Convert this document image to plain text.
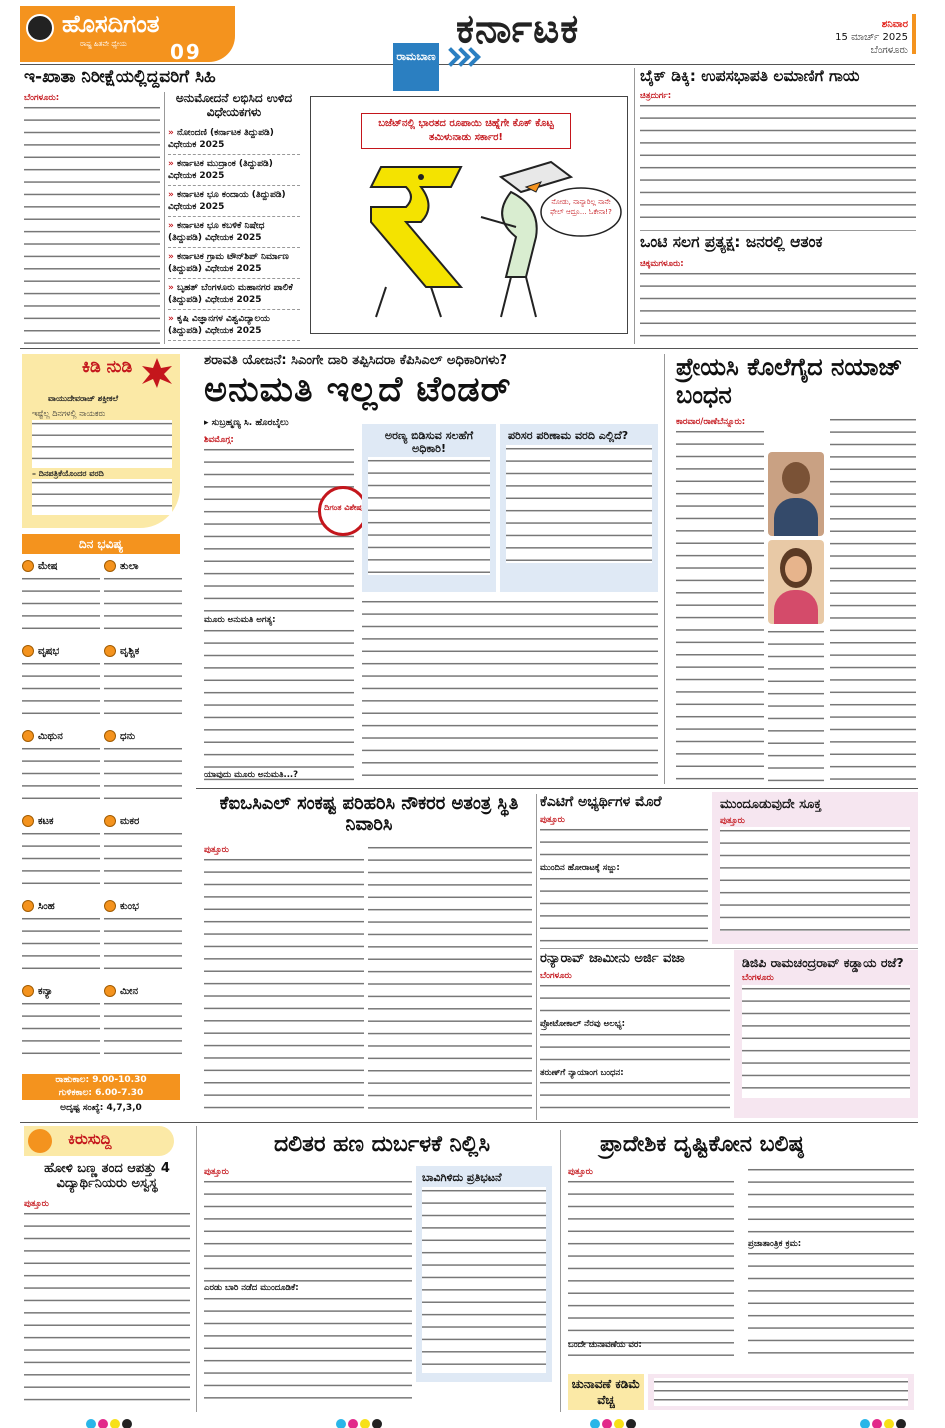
ಹೊಸದಿಗಂತ
ರಾಷ್ಟ್ರ ಹಿತವೇ ಧ್ಯೇಯ 09	ಕರ್ನಾಟಕ	ಶನಿವಾರ
15 ಮಾರ್ಚ್ 2025
ಬೆಂಗಳೂರು
ಇ-ಖಾತಾ ನಿರೀಕ್ಷೆಯಲ್ಲಿದ್ದವರಿಗೆ ಸಿಹಿ
ಬೆಂಗಳೂರು:	ಅನುಮೋದನೆ ಲಭಿಸಿದ ಉಳಿದ ವಿಧೇಯಕಗಳು
» ನೋಂದಣಿ (ಕರ್ನಾಟಕ ತಿದ್ದುಪಡಿ) ವಿಧೇಯಕ 2025
» ಕರ್ನಾಟಕ ಮುದ್ರಾಂಕ (ತಿದ್ದುಪಡಿ) ವಿಧೇಯಕ 2025
» ಕರ್ನಾಟಕ ಭೂ ಕಂದಾಯ (ತಿದ್ದುಪಡಿ) ವಿಧೇಯಕ 2025
» ಕರ್ನಾಟಕ ಭೂ ಕಬಳಿಕೆ ನಿಷೇಧ (ತಿದ್ದುಪಡಿ) ವಿಧೇಯಕ 2025
» ಕರ್ನಾಟಕ ಗ್ರಾಮ ಟೌನ್‌ಶಿಪ್ ನಿರ್ಮಾಣ (ತಿದ್ದುಪಡಿ) ವಿಧೇಯಕ 2025
» ಬೃಹತ್ ಬೆಂಗಳೂರು ಮಹಾನಗರ ಪಾಲಿಕೆ (ತಿದ್ದುಪಡಿ) ವಿಧೇಯಕ 2025
» ಕೃಷಿ ವಿಜ್ಞಾನಗಳ ವಿಶ್ವವಿದ್ಯಾಲಯ (ತಿದ್ದುಪಡಿ) ವಿಧೇಯಕ 2025
ರಾಮಬಾಣ
ಬಜೆಟ್‌ನಲ್ಲಿ ಭಾರತದ ರೂಪಾಯಿ ಚಿಹ್ನೆಗೇ ಕೊಕ್ ಕೊಟ್ಟ ತಮಿಳುನಾಡು ಸರ್ಕಾರ!
ನೋಡು, ನಾನ್ಯಾರಿಲ್ಲ ನಾನೇ ಫೇಲ್ ಆದ್ರೂ... ಓಕೇನಾ!?
ಬೈಕ್ ಡಿಕ್ಕಿ: ಉಪಸಭಾಪತಿ ಲಮಾಣಿಗೆ ಗಾಯ
ಚಿತ್ರದುರ್ಗ:
ಒಂಟಿ ಸಲಗ ಪ್ರತ್ಯಕ್ಷ: ಜನರಲ್ಲಿ ಆತಂಕ
ಚಿಕ್ಕಮಗಳೂರು:
ಕಿಡಿ ನುಡಿ
ವಾಯುದೇವರಾಜ್ ಶಕ್ತೀಕಲೆ
ಇಷ್ಟೆಲ್ಲ ದಿನಗಳಲ್ಲಿ ನಾಯಕರು
– ದಿನಪತ್ರಿಕೆಯೊಂದರ ವರದಿ
ದಿನ ಭವಿಷ್ಯ
ಮೇಷ	ತುಲಾ
ವೃಷಭ	ವೃಶ್ಚಿಕ
ಮಿಥುನ	ಧನು
ಕಟಕ	ಮಕರ
ಸಿಂಹ	ಕುಂಭ
ಕನ್ಯಾ	ಮೀನ
ರಾಹುಕಾಲ: 9.00-10.30
ಗುಳಿಕಕಾಲ: 6.00-7.30
ಅದೃಷ್ಟ ಸಂಖ್ಯೆ: 4,7,3,0
ಶರಾವತಿ ಯೋಜನೆ: ಸಿಎಂಗೇ ದಾರಿ ತಪ್ಪಿಸಿದರಾ ಕೆಪಿಸಿಎಲ್ ಅಧಿಕಾರಿಗಳು?
ಅನುಮತಿ ಇಲ್ಲದೆ ಟೆಂಡರ್
▸ ಸುಬ್ರಹ್ಮಣ್ಯ ಸಿ. ಹೊರಬೈಲು
ಶಿವಮೊಗ್ಗ:
ಮೂರು ಅನುಮತಿ ಅಗತ್ಯ:
ದಿಗಂತ ವಿಶೇಷ
ಅರಣ್ಯ ಬಿಡಿಸುವ ಸಲಹೆಗೆ ಅಧಿಕಾರಿ!
ಪರಿಸರ ಪರಿಣಾಮ ವರದಿ ಎಲ್ಲಿದೆ?
ಯಾವುದು ಮೂರು ಅನುಮತಿ...?
ಪ್ರೇಯಸಿ ಕೊಲೆಗೈದ ನಯಾಜ್ ಬಂಧನ
ಕಾರವಾರ/ರಾಣೆಬೆನ್ನೂರು:
ಕೆಐಒಸಿಎಲ್ ಸಂಕಷ್ಟ ಪರಿಹರಿಸಿ ನೌಕರರ ಅತಂತ್ರ ಸ್ಥಿತಿ ನಿವಾರಿಸಿ
ಪುತ್ತೂರು
ಕೆಎಟಿಗೆ ಅಭ್ಯರ್ಥಿಗಳ ಮೊರೆ
ಪುತ್ತೂರು
ಮುಂದಿನ ಹೋರಾಟಕ್ಕೆ ಸಜ್ಜು:
ಮುಂದೂಡುವುದೇ ಸೂಕ್ತ
ಪುತ್ತೂರು
ರನ್ಯಾರಾವ್ ಜಾಮೀನು ಅರ್ಜಿ ವಜಾ
ಬೆಂಗಳೂರು
ಪ್ರೋಟೋಕಾಲ್ ನೆರವು ಅಲಭ್ಯ:
ತರುಣ್‌ಗೆ ನ್ಯಾಯಾಂಗ ಬಂಧನ:
ಡಿಜಿಪಿ ರಾಮಚಂದ್ರರಾವ್ ಕಡ್ಡಾಯ ರಜೆ?
ಬೆಂಗಳೂರು
ಕಿರುಸುದ್ದಿ
ಹೋಳಿ ಬಣ್ಣ ತಂದ ಆಪತ್ತು 4 ವಿದ್ಯಾರ್ಥಿನಿಯರು ಅಸ್ವಸ್ಥ
ಪುತ್ತೂರು
ದಲಿತರ ಹಣ ದುರ್ಬಳಕೆ ನಿಲ್ಲಿಸಿ
ಪುತ್ತೂರು
ಎರಡು ಬಾರಿ ನಡೆದ ಮುಂದೂಡಿಕೆ:
ಬಾವಿಗಿಳಿದು ಪ್ರತಿಭಟನೆ
ಪ್ರಾದೇಶಿಕ ದೃಷ್ಟಿಕೋನ ಬಲಿಷ್ಠ
ಪುತ್ತೂರು
ಪ್ರಜಾತಾಂತ್ರಿಕ ಕ್ರಮ:
ಒಂದೇ ಚುನಾವಣೆಯ ವರ:
ಚುನಾವಣೆ ಕಡಿಮೆ ವೆಚ್ಚ
